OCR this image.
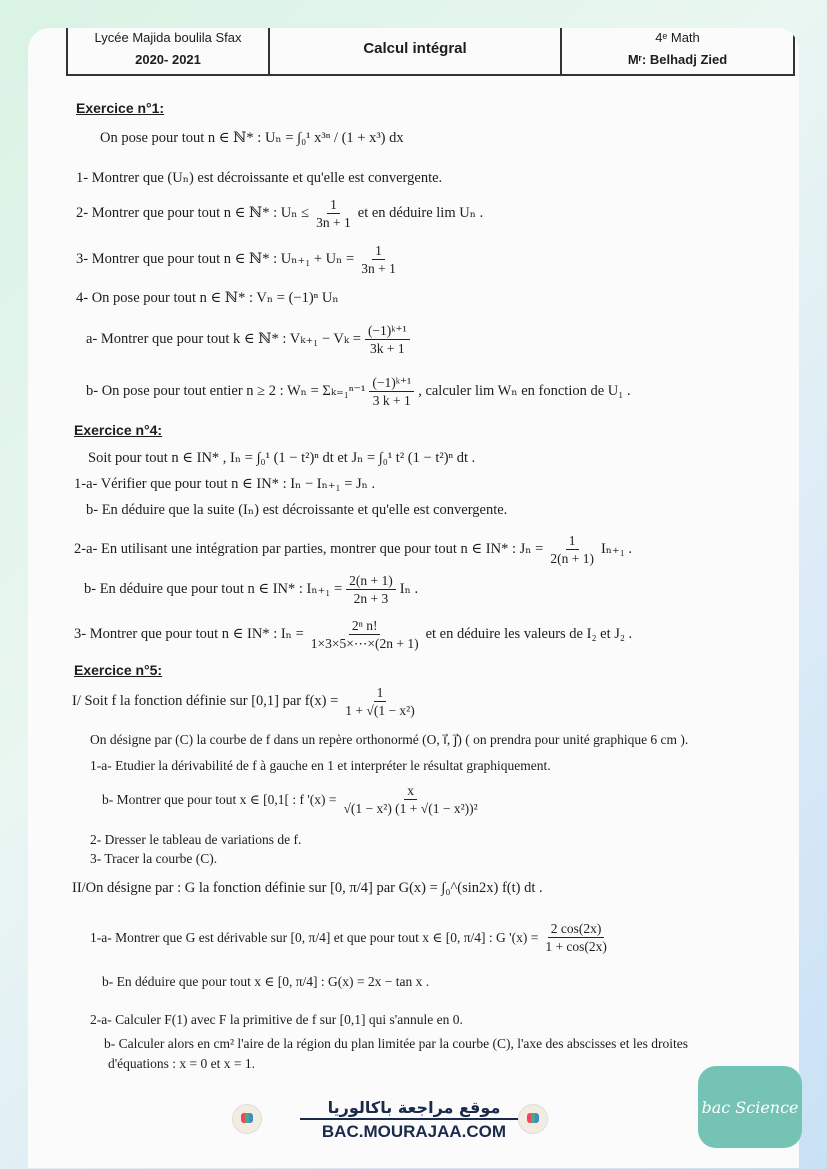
Lycée Majida boulila Sfax
2020- 2021
Calcul intégral
4ᵉ Math
Mʳ: Belhadj Zied
Exercice n°1:
On pose pour tout n ∈ ℕ* : Uₙ = ∫₀¹ x³ⁿ / (1 + x³) dx
1- Montrer que (Uₙ) est décroissante et qu'elle est convergente.
2- Montrer que pour tout n ∈ ℕ* : $U_n \le \frac{1}{3n + 1}$ et en déduire lim Uₙ .
3- Montrer que pour tout n ∈ ℕ* : $U_{n+1} + U_n = \frac{1}{3n + 1}$
4- On pose pour tout n ∈ ℕ* : Vₙ = (−1)ⁿ Uₙ
a- Montrer que pour tout k ∈ ℕ* : $V_{k+1} - V_k = \frac{\text{(−1)ᵏ⁺¹}}{3k + 1}$
b- On pose pour tout entier n ≥ 2 : $W_n = \Sigma_{k=1}^{n-1} \frac{\text{(−1)ᵏ⁺¹}}{3 k + 1}$ , calculer lim Wₙ en fonction de U₁ .
Exercice n°4:
Soit pour tout n ∈ IN* , Iₙ = ∫₀¹ (1 − t²)ⁿ dt et Jₙ = ∫₀¹ t² (1 − t²)ⁿ dt .
1-a- Vérifier que pour tout n ∈ IN* : Iₙ − Iₙ₊₁ = Jₙ .
b- En déduire que la suite (Iₙ) est décroissante et qu'elle est convergente.
2-a- En utilisant une intégration par parties, montrer que pour tout n ∈ IN* : $J_n = \frac{1}{2(n + 1)} I_{n+1}$ .
b- En déduire que pour tout n ∈ IN* : $I_{n+1} = \frac{2(n + 1)}{2n + 3}$ Iₙ .
3- Montrer que pour tout n ∈ IN* : $I_n = \frac{\text{2ⁿ n!}}{1\times 3\times 5\times\cdots\times(2n + 1)}$ et en déduire les valeurs de I₂ et J₂ .
Exercice n°5:
I/ Soit f la fonction définie sur [0,1] par $f(x) = \frac{1}{\text{1 + √(1 − x²)}}$
On désigne par (C) la courbe de f dans un repère orthonormé (O, i⃗, j⃗) ( on prendra pour unité graphique 6 cm ).
1-a- Etudier la dérivabilité de f à gauche en 1 et interpréter le résultat graphiquement.
b- Montrer que pour tout x ∈ [0,1[ : f '$(x) = \frac{x}{\text{√(1 − x²) (1 + √(1 − x²))²}}$
2- Dresser le tableau de variations de f.
3- Tracer la courbe (C).
II/On désigne par : G la fonction définie sur [0, π/4] par G(x) = ∫₀^(sin2x) f(t) dt .
1-a- Montrer que G est dérivable sur [0, π/4] et que pour tout x ∈ [0, π/4] : G '$(x) = \frac{2 \cos(2x)}{1 + \cos(2x)}$
b- En déduire que pour tout x ∈ [0, π/4] : G(x) = 2x − tan x .
2-a- Calculer F(1) avec F la primitive de f sur [0,1] qui s'annule en 0.
b- Calculer alors en cm² l'aire de la région du plan limitée par la courbe (C), l'axe des abscisses et les droites
d'équations : x = 0 et x = 1.
موقع مراجعة باكالوريا
BAC.MOURAJAA.COM
bac Science
